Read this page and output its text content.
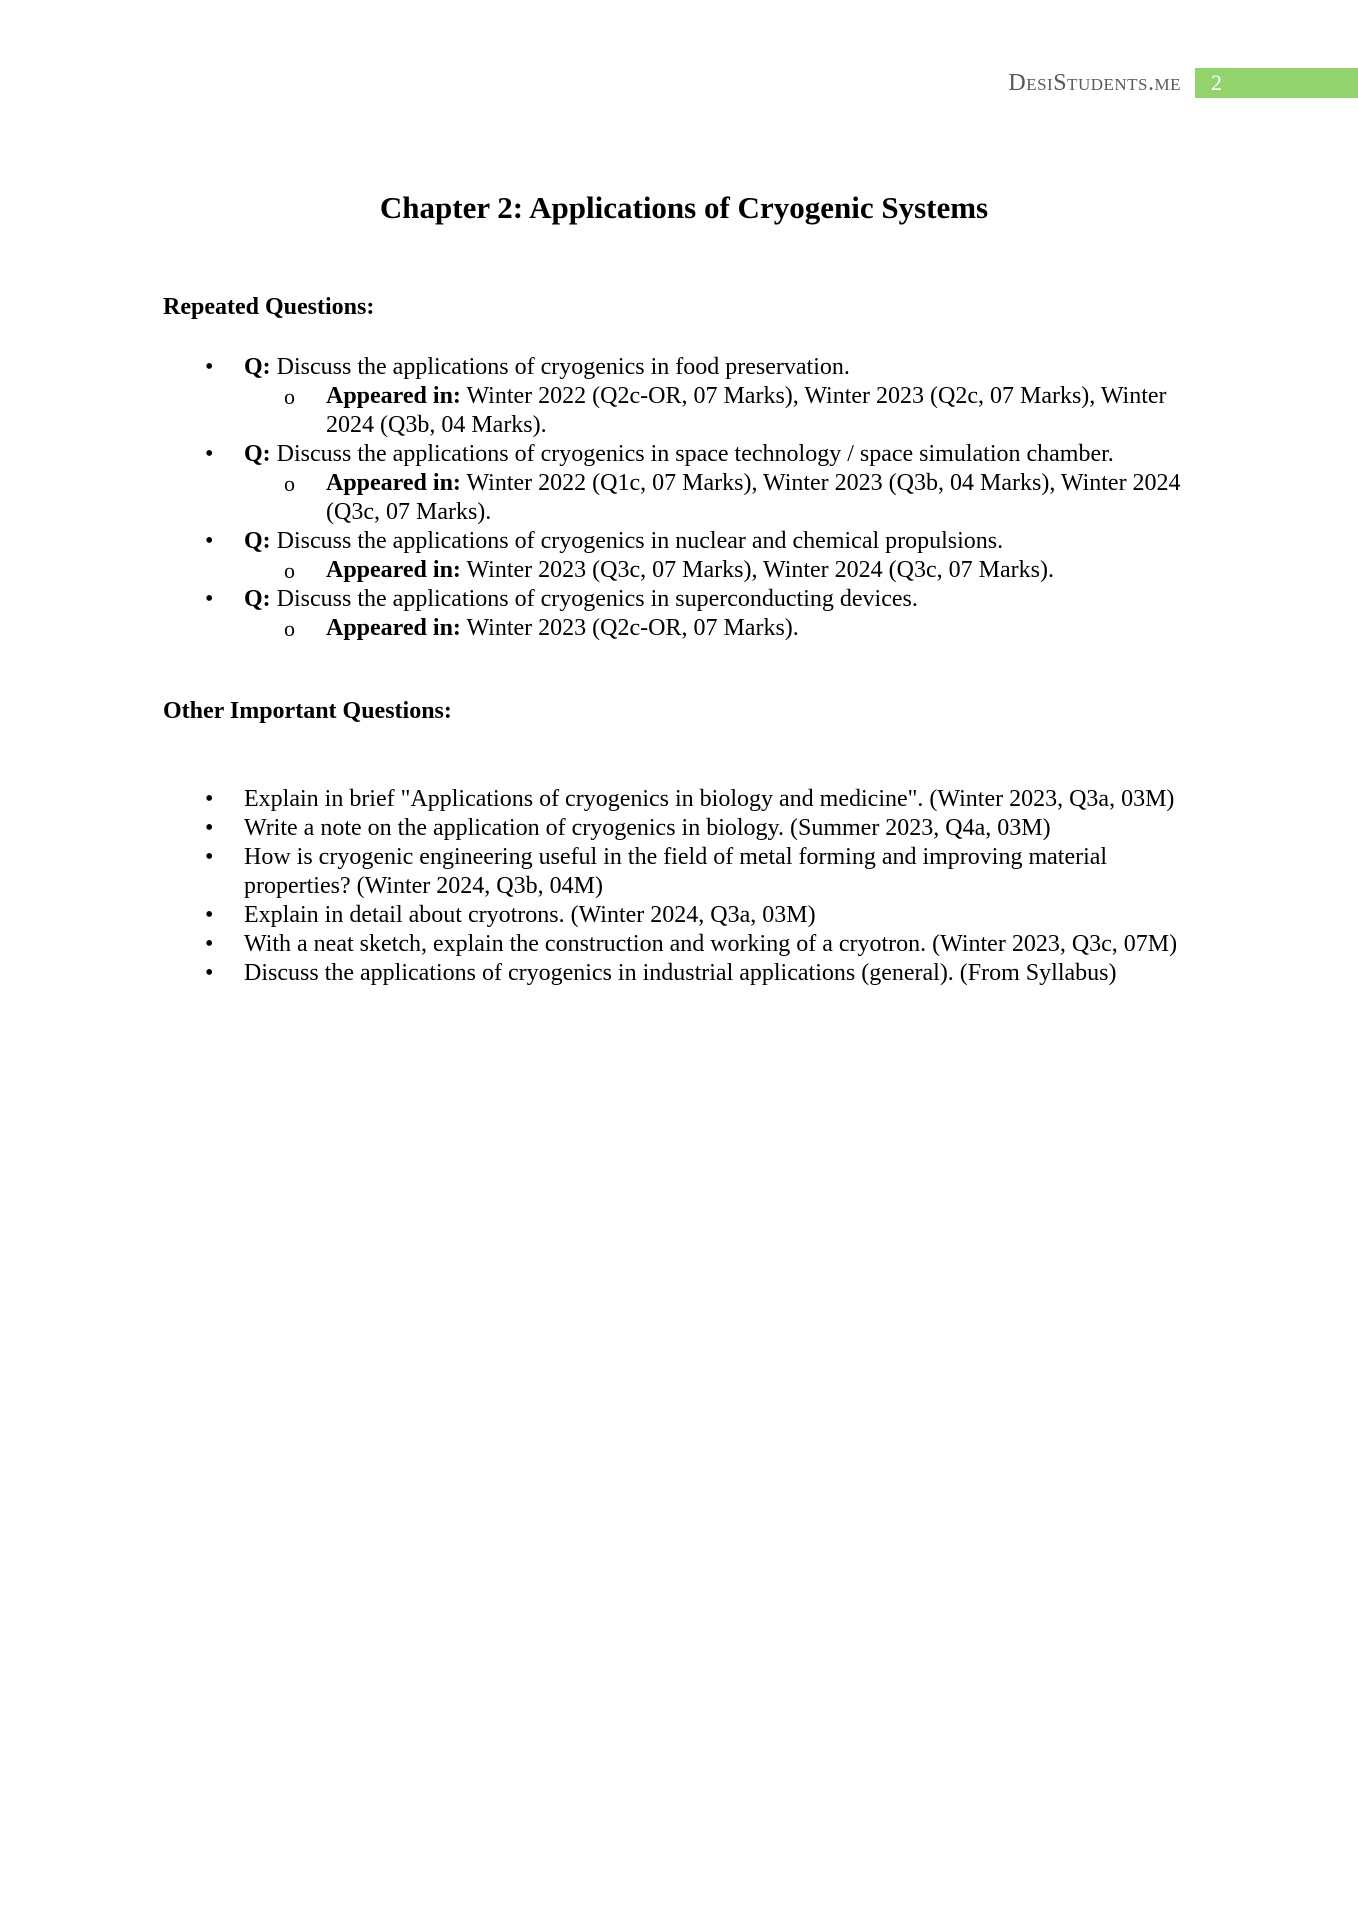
DesiStudents.me	2
Chapter 2: Applications of Cryogenic Systems
Repeated Questions:
• Q: Discuss the applications of cryogenics in food preservation.
o Appeared in: Winter 2022 (Q2c-OR, 07 Marks), Winter 2023 (Q2c, 07 Marks), Winter 2024 (Q3b, 04 Marks).
• Q: Discuss the applications of cryogenics in space technology / space simulation chamber.
o Appeared in: Winter 2022 (Q1c, 07 Marks), Winter 2023 (Q3b, 04 Marks), Winter 2024 (Q3c, 07 Marks).
• Q: Discuss the applications of cryogenics in nuclear and chemical propulsions.
o Appeared in: Winter 2023 (Q3c, 07 Marks), Winter 2024 (Q3c, 07 Marks).
• Q: Discuss the applications of cryogenics in superconducting devices.
o Appeared in: Winter 2023 (Q2c-OR, 07 Marks).
Other Important Questions:
• Explain in brief "Applications of cryogenics in biology and medicine". (Winter 2023, Q3a, 03M)
• Write a note on the application of cryogenics in biology. (Summer 2023, Q4a, 03M)
• How is cryogenic engineering useful in the field of metal forming and improving material properties? (Winter 2024, Q3b, 04M)
• Explain in detail about cryotrons. (Winter 2024, Q3a, 03M)
• With a neat sketch, explain the construction and working of a cryotron. (Winter 2023, Q3c, 07M)
• Discuss the applications of cryogenics in industrial applications (general). (From Syllabus)
